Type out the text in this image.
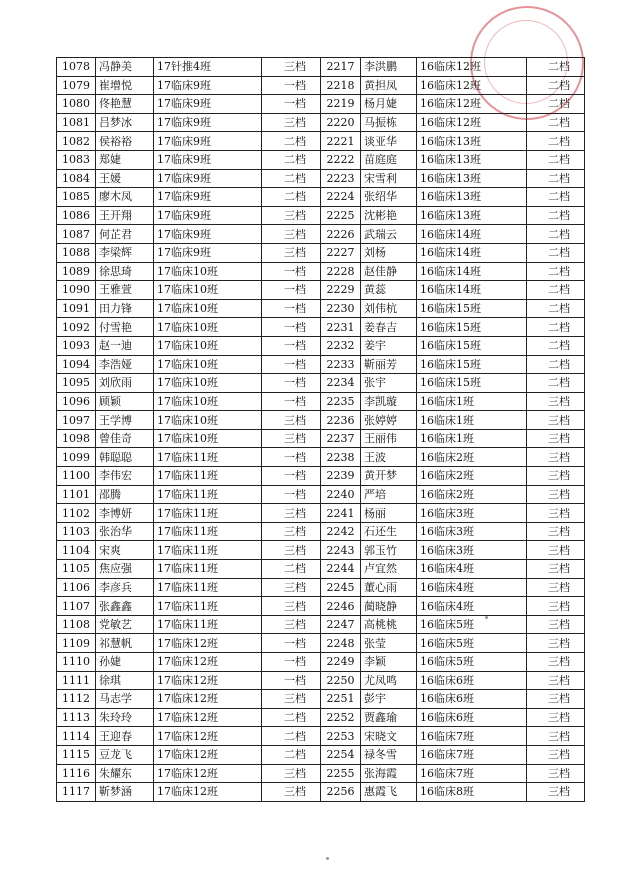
1078	冯静美	17针推4班	三档	2217	李洪鹏	16临床12班	二档
1079	崔增悦	17临床9班	一档	2218	黄担凤	16临床12班	二档
1080	佟艳慧	17临床9班	一档	2219	杨月婕	16临床12班	二档
1081	吕梦冰	17临床9班	三档	2220	马振栋	16临床12班	二档
1082	侯裕裕	17临床9班	二档	2221	谈亚华	16临床13班	二档
1083	郑婕	17临床9班	二档	2222	苗庭庭	16临床13班	二档
1084	王媛	17临床9班	二档	2223	宋雪利	16临床13班	二档
1085	廖木凤	17临床9班	二档	2224	张绍华	16临床13班	二档
1086	王开翔	17临床9班	三档	2225	沈彬艳	16临床13班	二档
1087	何芷君	17临床9班	三档	2226	武瑞云	16临床14班	二档
1088	李梁辉	17临床9班	三档	2227	刘杨	16临床14班	二档
1089	徐思琦	17临床10班	一档	2228	赵佳静	16临床14班	二档
1090	王雅萱	17临床10班	一档	2229	黄蕊	16临床14班	二档
1091	田力锋	17临床10班	一档	2230	刘伟杭	16临床15班	二档
1092	付雪艳	17临床10班	一档	2231	姜春吉	16临床15班	二档
1093	赵一迪	17临床10班	一档	2232	姜宇	16临床15班	二档
1094	李浩娅	17临床10班	一档	2233	靳丽芳	16临床15班	二档
1095	刘欣雨	17临床10班	一档	2234	张宇	16临床15班	二档
1096	顾颖	17临床10班	一档	2235	李凯璇	16临床1班	三档
1097	王学博	17临床10班	三档	2236	张婷婷	16临床1班	三档
1098	曾佳奇	17临床10班	三档	2237	王丽伟	16临床1班	三档
1099	韩聪聪	17临床11班	一档	2238	王波	16临床2班	三档
1100	李伟宏	17临床11班	一档	2239	黄开梦	16临床2班	三档
1101	邵腾	17临床11班	一档	2240	严培	16临床2班	三档
1102	李博妍	17临床11班	三档	2241	杨丽	16临床3班	三档
1103	张治华	17临床11班	三档	2242	石还生	16临床3班	三档
1104	宋爽	17临床11班	三档	2243	郭玉竹	16临床3班	三档
1105	焦应强	17临床11班	二档	2244	卢宜然	16临床4班	三档
1106	李彦兵	17临床11班	三档	2245	董心雨	16临床4班	三档
1107	张鑫鑫	17临床11班	三档	2246	蔺晓静	16临床4班	三档
1108	党敏艺	17临床11班	三档	2247	高桃桃	16临床5班	三档
1109	祁慧帆	17临床12班	一档	2248	张莹	16临床5班	三档
1110	孙婕	17临床12班	一档	2249	李颖	16临床5班	三档
1111	徐琪	17临床12班	一档	2250	尤凤鸣	16临床6班	三档
1112	马志学	17临床12班	三档	2251	彭宇	16临床6班	三档
1113	朱玲玲	17临床12班	二档	2252	贾鑫瑜	16临床6班	三档
1114	王迎春	17临床12班	二档	2253	宋晓文	16临床7班	三档
1115	豆龙飞	17临床12班	二档	2254	禄冬雪	16临床7班	三档
1116	朱耀东	17临床12班	三档	2255	张海霞	16临床7班	三档
1117	靳梦涵	17临床12班	三档	2256	惠霞飞	16临床8班	三档
